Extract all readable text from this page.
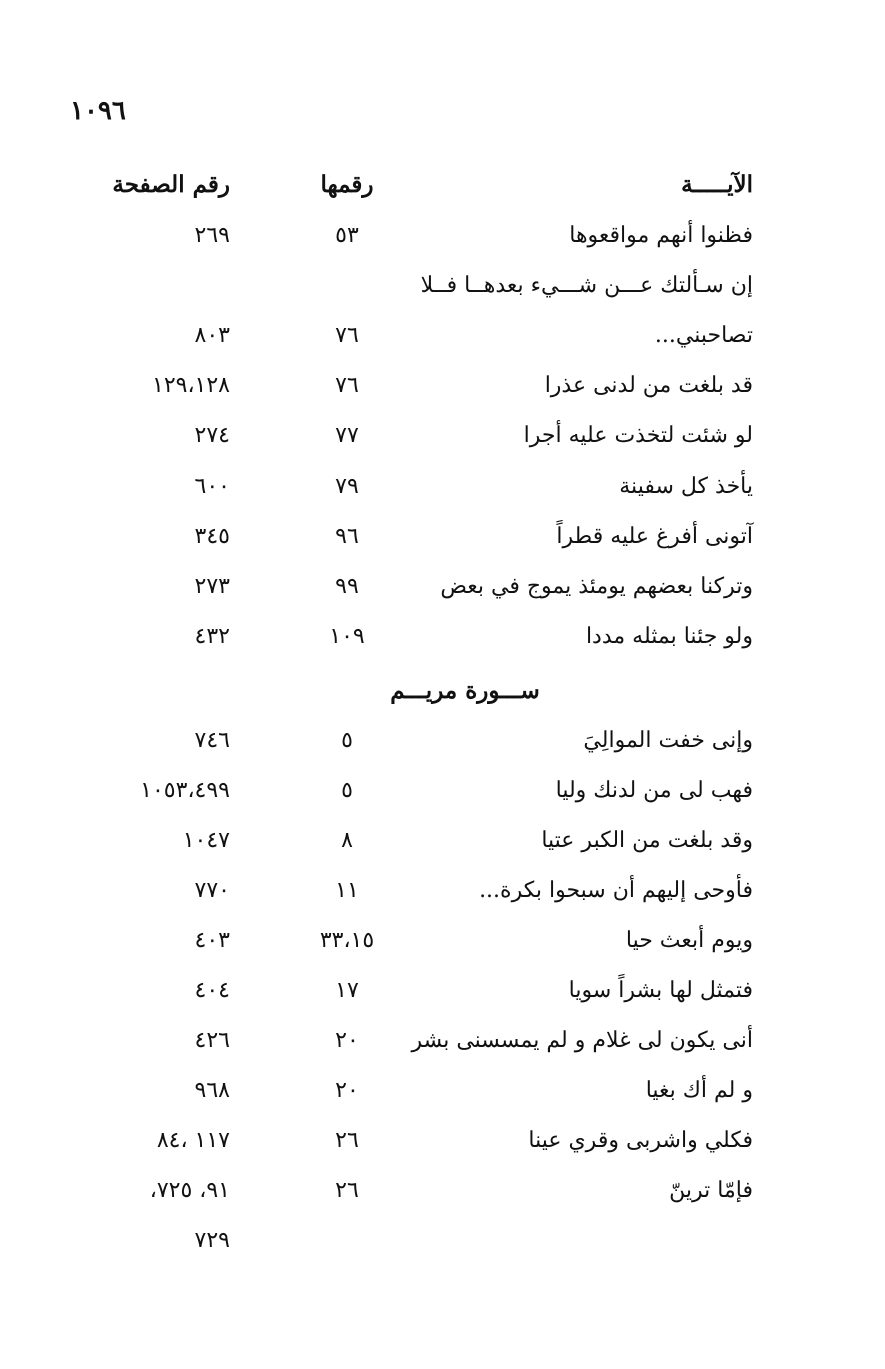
١٠٩٦
الآيـــــة
رقمها
رقم الصفحة
فظنوا أنهم مواقعوها
٥٣
٢٦٩
إن سـألتك عـــن شـــيء بعدهــا فــلا
تصاحبني...
٧٦
٨٠٣
قد بلغت من لدنى عذرا
٧٦
١٢٩،١٢٨
لو شئت لتخذت عليه أجرا
٧٧
٢٧٤
يأخذ كل سفينة
٧٩
٦٠٠
آتونى أفرغ عليه قطراً
٩٦
٣٤٥
وتركنا بعضهم يومئذ يموج في بعض
٩٩
٢٧٣
ولو جئنا بمثله مددا
١٠٩
٤٣٢
ســـورة مريـــم
وإنى خفت الموالِيَ
٥
٧٤٦
فهب لى من لدنك وليا
٥
١٠٥٣،٤٩٩
وقد بلغت من الكبر عتيا
٨
١٠٤٧
فأوحى إليهم أن سبحوا بكرة...
١١
٧٧٠
ويوم أبعث حيا
٣٣،١٥
٤٠٣
فتمثل لها بشراً سويا
١٧
٤٠٤
أنى يكون لى غلام و لم يمسسنى بشر
٢٠
٤٢٦
و لم أك بغيا
٢٠
٩٦٨
فكلي واشربى وقري عينا
٢٦
١١٧ ،٨٤
فإمّا ترينّ
٢٦
٩١، ٧٢٥،
٧٢٩
